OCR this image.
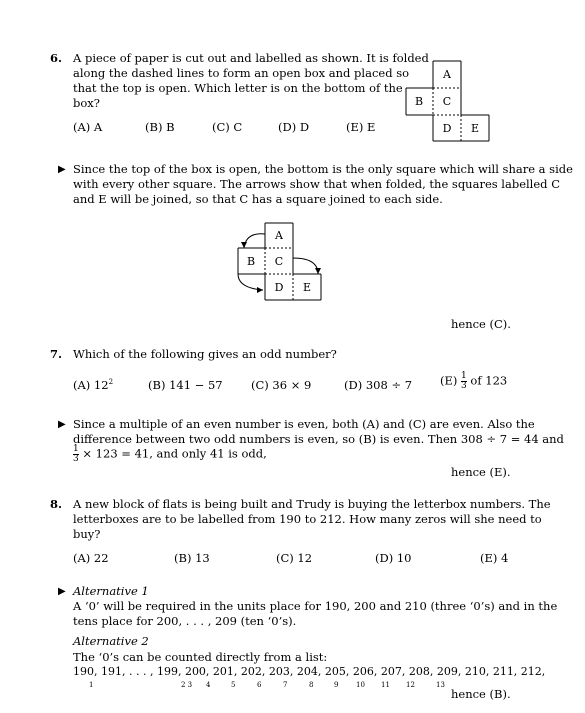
6. A piece of paper is cut out and labelled as shown. It is folded
along the dashed lines to form an open box and placed so
that the top is open. Which letter is on the bottom of the
box?
(A) A	(B) B	(C) C	(D) D	(E) E
A
B C
D E
▶ Since the top of the box is open, the bottom is the only square which will share a side
with every other square. The arrows show that when folded, the squares labelled C
and E will be joined, so that C has a square joined to each side.
A
B C
D E
hence (C).
7. Which of the following gives an odd number?
(A) $12^2$	(B) 141 − 57 (C) 36 × 9	(D) 308 ÷ 7 $(E) \frac{1}{3}$ of 123
▶ Since a multiple of an even number is even, both (A) and (C) are even. Also the
difference between two odd numbers is even, so (B) is even. Then 308 ÷ 7 = 44 and
$\frac{1}{3} \times 123 = 41$, and only 41 is odd,
hence (E).
8. A new block of flats is being built and Trudy is buying the letterbox numbers. The
letterboxes are to be labelled from 190 to 212. How many zeros will she need to
buy?
(A) 22	(B) 13	(C) 12	(D) 10	(E) 4
▶ Alternative 1
A ‘0’ will be required in the units place for 190, 200 and 210 (three ‘0’s) and in the
tens place for 200, . . . , 209 (ten ‘0’s).
Alternative 2
The ‘0’s can be counted directly from a list:
190, 191, . . . , 199, 200, 201, 202, 203, 204, 205, 206, 207, 208, 209, 210, 211, 212,
1	2 3 4	5	6	7	8	9	10 11 12	13
hence (B).
